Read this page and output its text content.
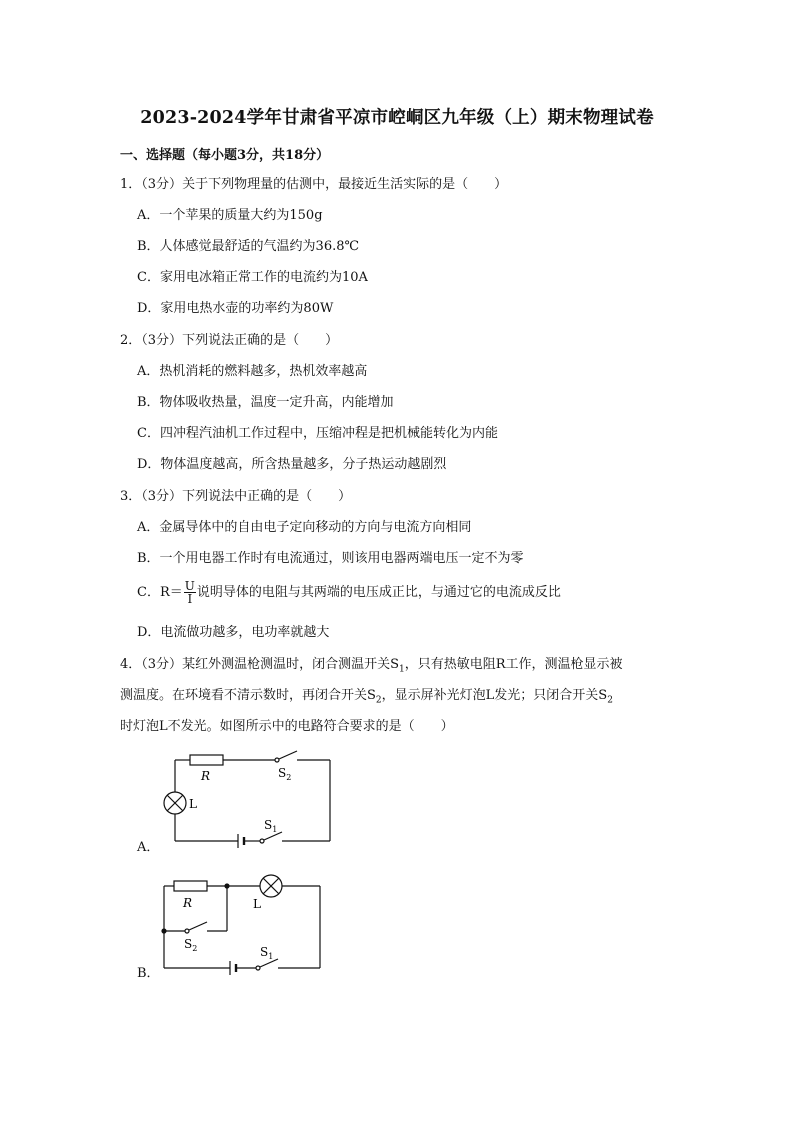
2023-2024学年甘肃省平凉市崆峒区九年级（上）期末物理试卷
一、选择题（每小题3分，共18分）
1．（3分）关于下列物理量的估测中，最接近生活实际的是（　　）
A．一个苹果的质量大约为150g
B．人体感觉最舒适的气温约为36.8℃
C．家用电冰箱正常工作的电流约为10A
D．家用电热水壶的功率约为80W
2．（3分）下列说法正确的是（　　）
A．热机消耗的燃料越多，热机效率越高
B．物体吸收热量，温度一定升高，内能增加
C．四冲程汽油机工作过程中，压缩冲程是把机械能转化为内能
D．物体温度越高，所含热量越多，分子热运动越剧烈
3．（3分）下列说法中正确的是（　　）
A．金属导体中的自由电子定向移动的方向与电流方向相同
B．一个用电器工作时有电流通过，则该用电器两端电压一定不为零
C．$R= \frac{U}{I}$ 说明导体的电阻与其两端的电压成正比，与通过它的电流成反比
D．电流做功越多，电功率就越大
4．（3分）某红外测温枪测温时，闭合测温开关$S_1$，只有热敏电阻R工作，测温枪显示被
测温度。在环境看不清示数时，再闭合开关$S_2$，显示屏补光灯泡L发光；只闭合开关$S_2$
时灯泡L不发光。如图所示中的电路符合要求的是（　　）
R
L
$S_2$
$S_1$
A．
R	L
$S_2$	$S_1$
B．
